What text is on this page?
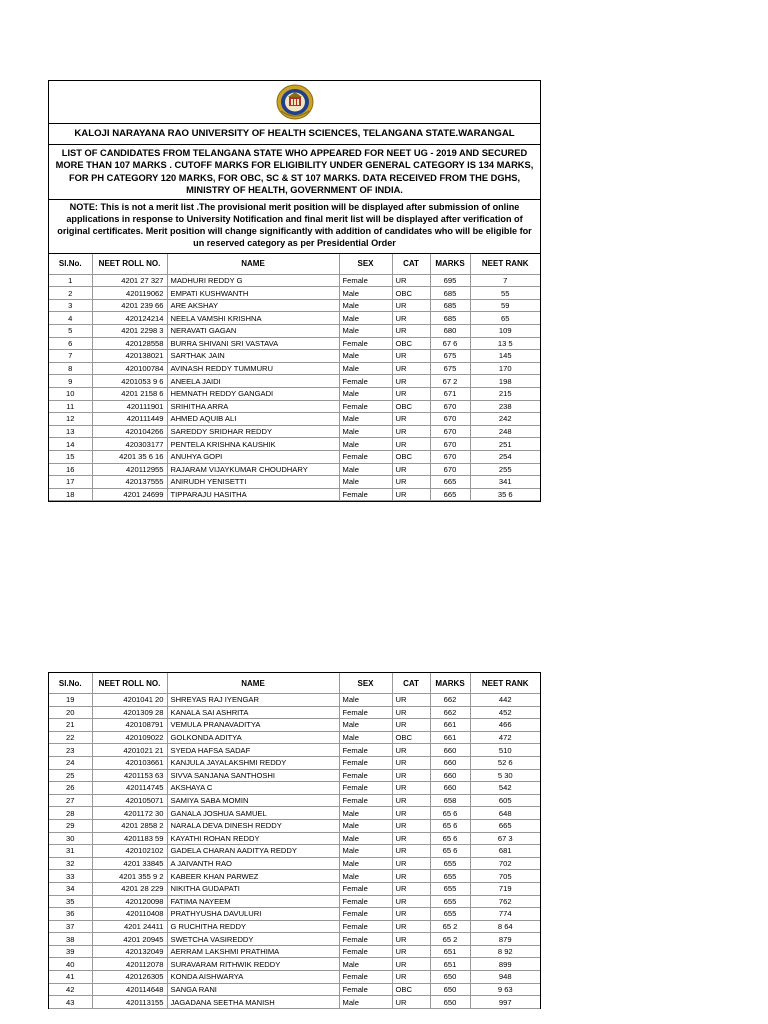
KALOJI NARAYANA RAO UNIVERSITY OF HEALTH SCIENCES, TELANGANA STATE.WARANGAL
LIST OF CANDIDATES FROM TELANGANA STATE WHO APPEARED FOR NEET UG - 2019 AND SECURED MORE THAN 107 MARKS . CUTOFF MARKS FOR ELIGIBILITY UNDER GENERAL CATEGORY IS 134 MARKS, FOR PH CATEGORY 120 MARKS, FOR OBC, SC & ST 107 MARKS. DATA RECEIVED FROM THE DGHS, MINISTRY OF HEALTH, GOVERNMENT OF INDIA.
NOTE: This is not a merit list .The provisional merit position will be displayed after submission of online applications in response to University Notification and final merit list will be displayed after verification of original certificates. Merit position will change significantly with addition of candidates who will be eligible for un reserved category as per Presidential Order
Sl.No.	NEET ROLL NO.	NAME	SEX	CAT	MARKS	NEET RANK
1	4201 27 327	MADHURI REDDY G	Female	UR	695	7
2	420119062	EMPATI KUSHWANTH	Male	OBC	685	55
3	4201 239 66	ARE AKSHAY	Male	UR	685	59
4	420124214	NEELA VAMSHI KRISHNA	Male	UR	685	65
5	4201 2298 3	NERAVATI GAGAN	Male	UR	680	109
6	420128558	BURRA SHIVANI SRI VASTAVA	Female	OBC	67 6	13 5
7	420138021	SARTHAK JAIN	Male	UR	675	145
8	420100784	AVINASH REDDY TUMMURU	Male	UR	675	170
9	4201053 9 6	ANEELA JAIDI	Female	UR	67 2	198
10	4201 2158 6	HEMNATH REDDY GANGADI	Male	UR	671	215
11	420111901	SRIHITHA ARRA	Female	OBC	670	238
12	420111449	AHMED AQUIB ALI	Male	UR	670	242
13	420104266	SAREDDY SRIDHAR REDDY	Male	UR	670	248
14	420303177	PENTELA KRISHNA KAUSHIK	Male	UR	670	251
15	4201 35 6 16	ANUHYA GOPI	Female	OBC	670	254
16	420112955	RAJARAM VIJAYKUMAR CHOUDHARY	Male	UR	670	255
17	420137555	ANIRUDH YENISETTI	Male	UR	665	341
18	4201 24699	TIPPARAJU HASITHA	Female	UR	665	35 6
Sl.No.	NEET ROLL NO.	NAME	SEX	CAT	MARKS	NEET RANK
19	4201041 20	SHREYAS RAJ IYENGAR	Male	UR	662	442
20	4201309 28	KANALA SAI ASHRITA	Female	UR	662	452
21	420108791	VEMULA PRANAVADITYA	Male	UR	661	466
22	420109022	GOLKONDA ADITYA	Male	OBC	661	472
23	4201021 21	SYEDA HAFSA SADAF	Female	UR	660	510
24	420103661	KANJULA JAYALAKSHMI REDDY	Female	UR	660	52 6
25	4201153 63	SIVVA SANJANA SANTHOSHI	Female	UR	660	5 30
26	420114745	AKSHAYA C	Female	UR	660	542
27	420105071	SAMIYA SABA MOMIN	Female	UR	658	605
28	4201172 30	GANALA JOSHUA SAMUEL	Male	UR	65 6	648
29	4201 2858 2	NARALA DEVA DINESH REDDY	Male	UR	65 6	665
30	4201183 59	KAYATHI ROHAN REDDY	Male	UR	65 6	67 3
31	420102102	GADELA CHARAN AADITYA REDDY	Male	UR	65 6	681
32	4201 33845	A JAIVANTH RAO	Male	UR	655	702
33	4201 355 9 2	KABEER KHAN PARWEZ	Male	UR	655	705
34	4201 28 229	NIKITHA GUDAPATI	Female	UR	655	719
35	420120098	FATIMA NAYEEM	Female	UR	655	762
36	420110408	PRATHYUSHA DAVULURI	Female	UR	655	774
37	4201 24411	G RUCHITHA REDDY	Female	UR	65 2	8 64
38	4201 20945	SWETCHA VASIREDDY	Female	UR	65 2	879
39	420132049	AERRAM LAKSHMI PRATHIMA	Female	UR	651	8 92
40	420112078	SURAVARAM RITHWIK REDDY	Male	UR	651	899
41	420126305	KONDA AISHWARYA	Female	UR	650	948
42	420114648	SANGA RANI	Female	OBC	650	9 63
43	420113155	JAGADANA SEETHA MANISH	Male	UR	650	997
